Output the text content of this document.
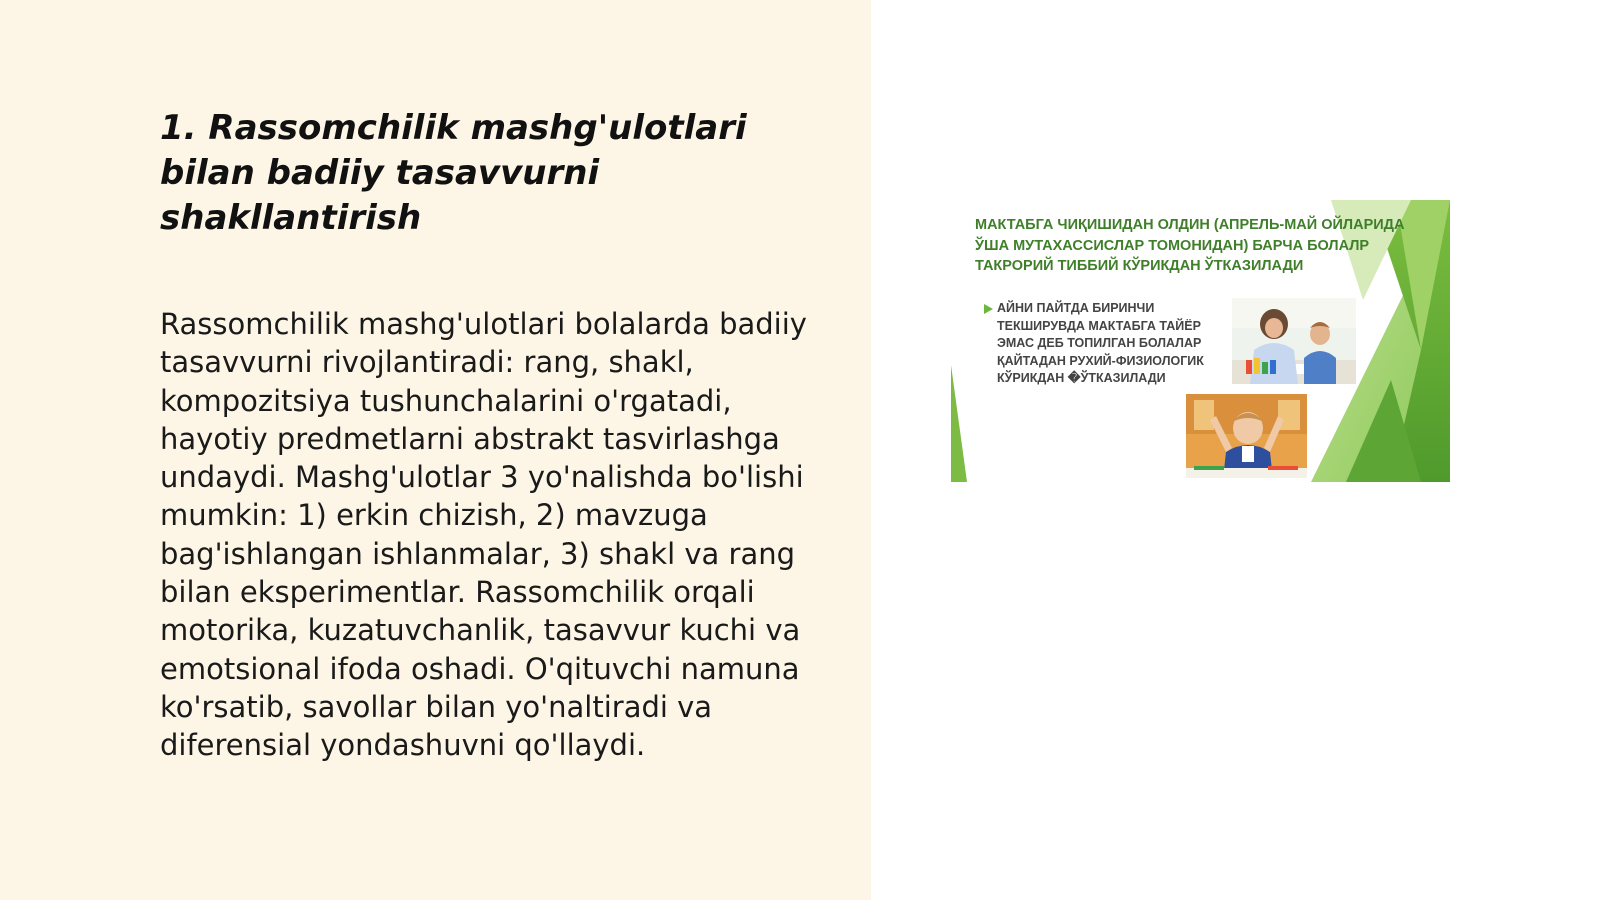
1. Rassomchilik mashg'ulotlari bilan badiiy tasavvurni shakllantirish

Rassomchilik mashg'ulotlari bolalarda badiiy tasavvurni rivojlantiradi: rang, shakl, kompozitsiya tushunchalarini o'rgatadi, hayotiy predmetlarni abstrakt tasvirlashga undaydi. Mashg'ulotlar 3 yo'nalishda bo'lishi mumkin: 1) erkin chizish, 2) mavzuga bag'ishlangan ishlanmalar, 3) shakl va rang bilan eksperimentlar. Rassomchilik orqali motorika, kuzatuvchanlik, tasavvur kuchi va emotsional ifoda oshadi. O'qituvchi namuna ko'rsatib, savollar bilan yo'naltiradi va diferensial yondashuvni qo'llaydi.

МАКТАБГА ЧИҚИШИДАН ОЛДИН (АПРЕЛЬ-МАЙ ОЙЛАРИДА ЎША МУТАХАССИСЛАР ТОМОНИДАН) БАРЧА БОЛАЛР ТАКРОРИЙ ТИББИЙ КЎРИКДАН ЎТКАЗИЛАДИ

АЙНИ ПАЙТДА БИРИНЧИ ТЕКШИРУВДА МАКТАБГА ТАЙЁР ЭМАС ДЕБ ТОПИЛГАН БОЛАЛАР ҚАЙТАДАН РУХИЙ-ФИЗИОЛОГИК КЎРИКДАН �ЎТКАЗИЛАДИ
